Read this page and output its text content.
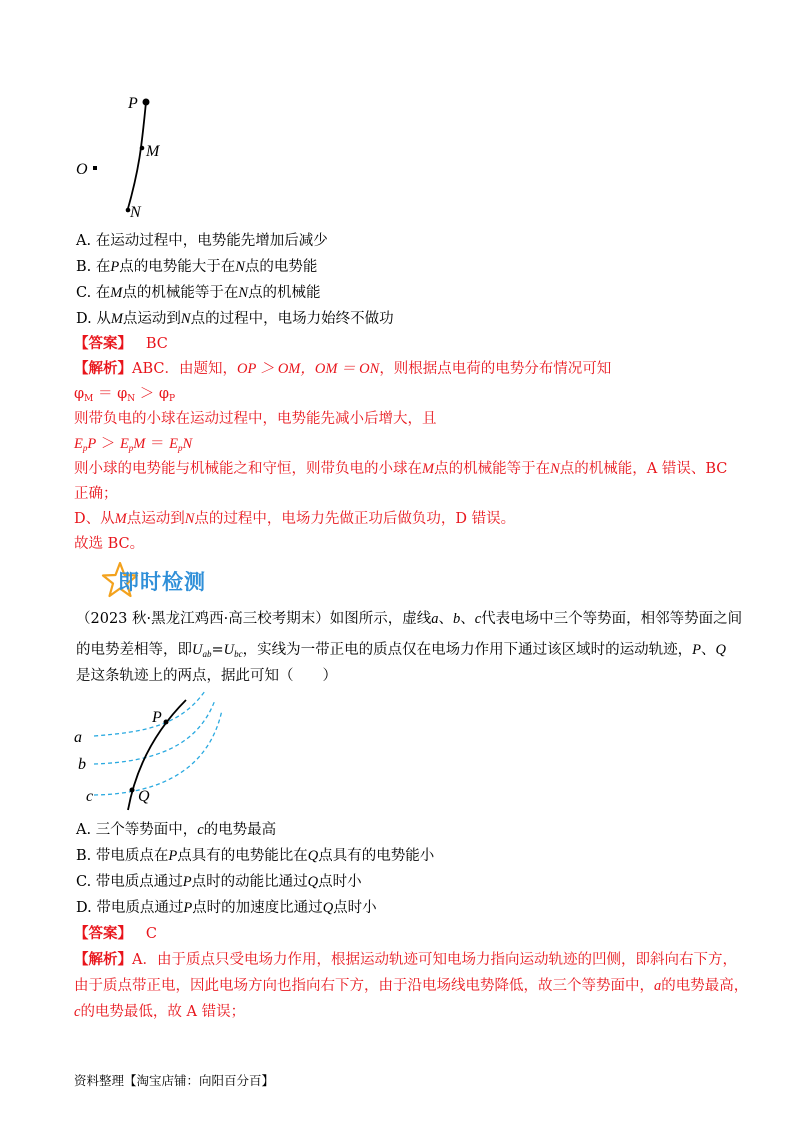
P
M
N
O
A. 在运动过程中，电势能先增加后减少
B. 在P点的电势能大于在N点的电势能
C. 在M点的机械能等于在N点的机械能
D. 从M点运动到N点的过程中，电场力始终不做功
【答案】 BC
【解析】ABC．由题知，OP ＞ OM，OM ＝ ON，则根据点电荷的电势分布情况可知
$\varphi_M = \varphi_N > \varphi_P$
则带负电的小球在运动过程中，电势能先减小后增大，且
$E_pP > E_pM = E_pN$
则小球的电势能与机械能之和守恒，则带负电的小球在M点的机械能等于在N点的机械能，A 错误、BC
正确；
D、从M点运动到N点的过程中，电场力先做正功后做负功，D 错误。
故选 BC。
即时检测
（2023 秋·黑龙江鸡西·高三校考期末）如图所示，虚线a、b、c代表电场中三个等势面，相邻等势面之间
的电势差相等，即$U_{ab}=U_{bc}$，实线为一带正电的质点仅在电场力作用下通过该区域时的运动轨迹，P、Q
是这条轨迹上的两点，据此可知（　　）
P
Q
a
b
c
A. 三个等势面中，c的电势最高
B. 带电质点在P点具有的电势能比在Q点具有的电势能小
C. 带电质点通过P点时的动能比通过Q点时小
D. 带电质点通过P点时的加速度比通过Q点时小
【答案】 C
【解析】A．由于质点只受电场力作用，根据运动轨迹可知电场力指向运动轨迹的凹侧，即斜向右下方，
由于质点带正电，因此电场方向也指向右下方，由于沿电场线电势降低，故三个等势面中，a的电势最高，
c的电势最低，故 A 错误；
资料整理【淘宝店铺：向阳百分百】
